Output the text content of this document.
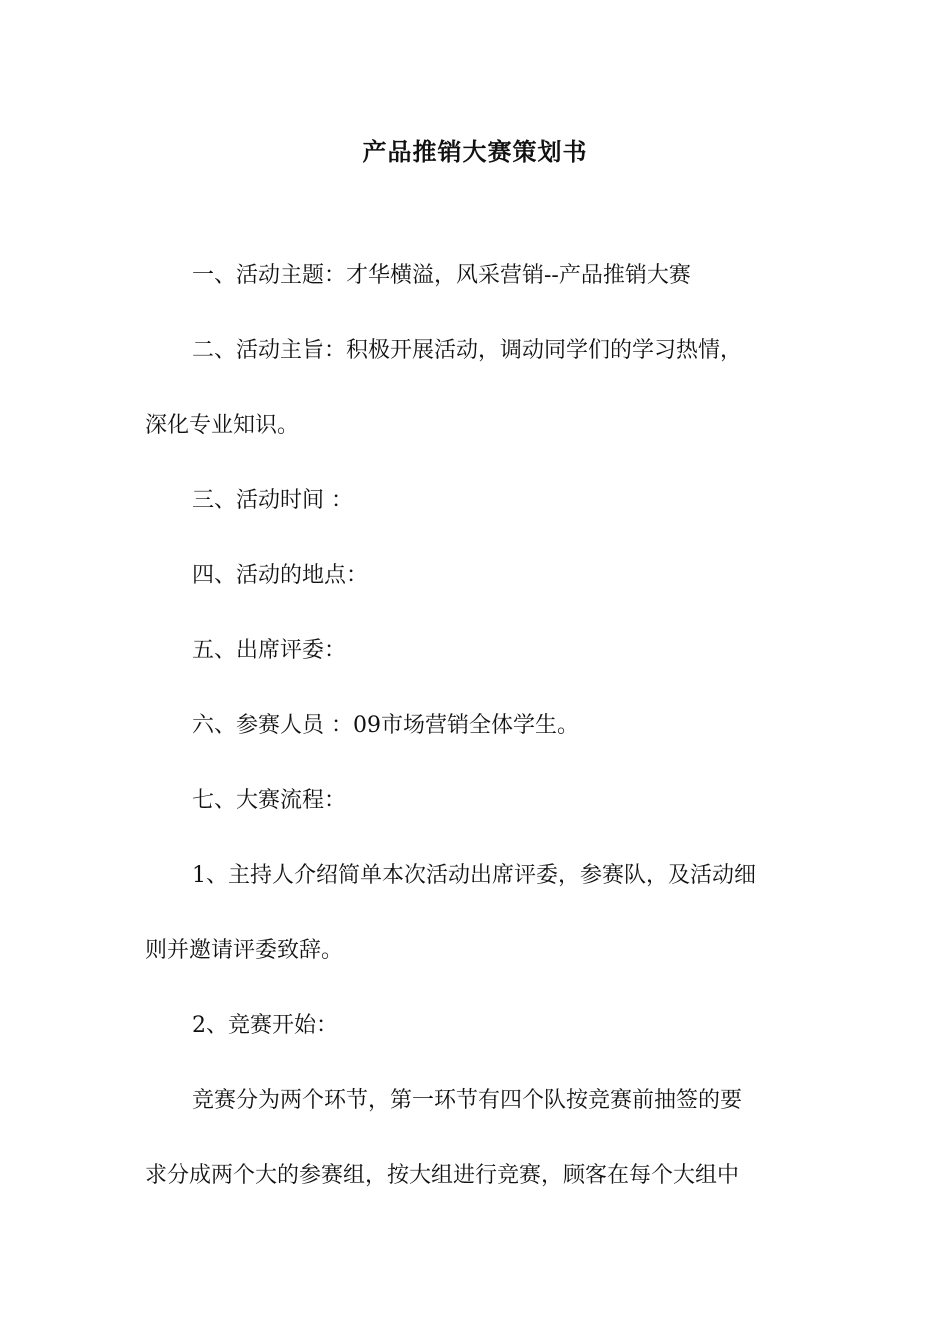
产品推销大赛策划书
一、活动主题：才华横溢，风采营销--产品推销大赛
二、活动主旨：积极开展活动，调动同学们的学习热情，
深化专业知识。
三、活动时间 ：
四、活动的地点：
五、出席评委：
六、参赛人员 ：09市场营销全体学生。
七、大赛流程：
1、主持人介绍简单本次活动出席评委，参赛队，及活动细
则并邀请评委致辞。
2、竞赛开始：
竞赛分为两个环节，第一环节有四个队按竞赛前抽签的要
求分成两个大的参赛组，按大组进行竞赛，顾客在每个大组中
